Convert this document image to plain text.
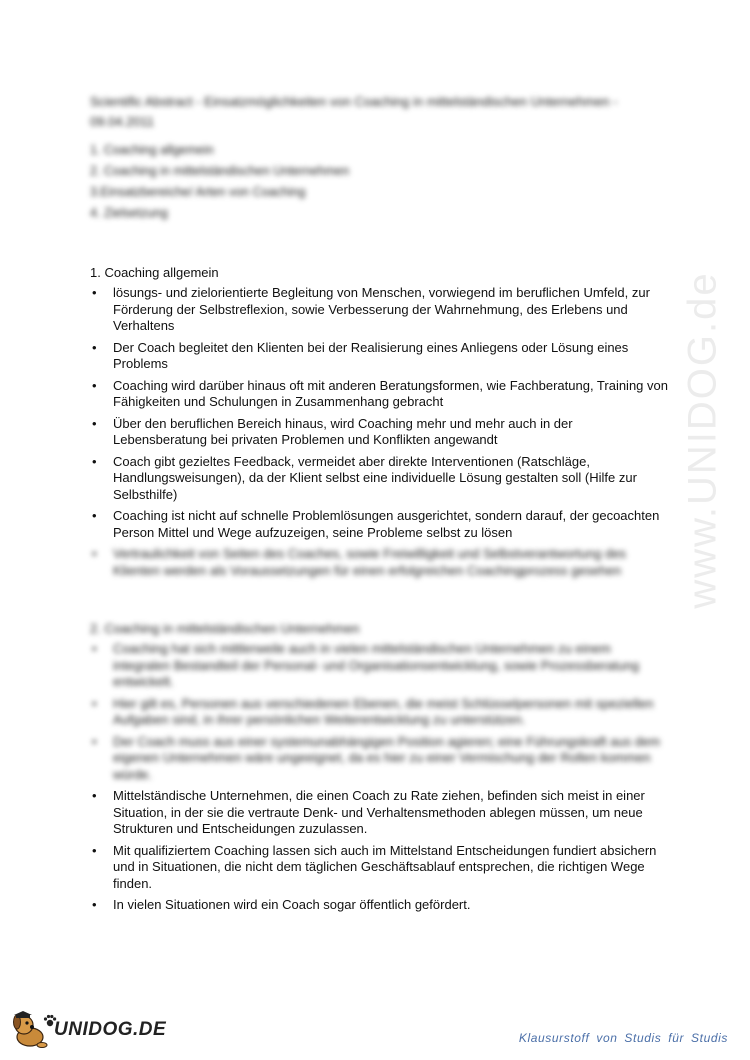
www.UNIDOG.de
Scientific Abstract - Einsatzmöglichkeiten von Coaching in mittelständischen Unternehmen - 09.04.2011
1. Coaching allgemein
2. Coaching in mittelständischen Unternehmen
3.Einsatzbereiche/ Arten von Coaching
4. Zielsetzung
1. Coaching allgemein
• lösungs- und zielorientierte Begleitung von Menschen, vorwiegend im beruflichen Umfeld, zur Förderung der Selbstreflexion, sowie Verbesserung der Wahrnehmung, des Erlebens und Verhaltens
• Der Coach begleitet den Klienten bei der Realisierung eines Anliegens oder Lösung eines Problems
• Coaching wird darüber hinaus oft mit anderen Beratungsformen, wie Fachberatung, Training von Fähigkeiten und Schulungen in Zusammenhang gebracht
• Über den beruflichen Bereich hinaus, wird Coaching mehr und mehr auch in der Lebensberatung bei privaten Problemen und Konflikten angewandt
• Coach gibt gezieltes Feedback, vermeidet aber direkte Interventionen (Ratschläge, Handlungsweisungen), da der Klient selbst eine individuelle Lösung gestalten soll (Hilfe zur Selbsthilfe)
• Coaching ist nicht auf schnelle Problemlösungen ausgerichtet, sondern darauf, der gecoachten Person Mittel und Wege aufzuzeigen, seine Probleme selbst zu lösen
• Vertraulichkeit von Seiten des Coaches, sowie Freiwilligkeit und Selbstverantwortung des Klienten werden als Voraussetzungen für einen erfolgreichen Coachingprozess gesehen
2. Coaching in mittelständischen Unternehmen
• Coaching hat sich mittlerweile auch in vielen mittelständischen Unternehmen zu einem integralen Bestandteil der Personal- und Organisationsentwicklung, sowie Prozessberatung entwickelt.
• Hier gilt es, Personen aus verschiedenen Ebenen, die meist Schlüsselpersonen mit speziellen Aufgaben sind, in ihrer persönlichen Weiterentwicklung zu unterstützen.
• Der Coach muss aus einer systemunabhängigen Position agieren; eine Führungskraft aus dem eigenen Unternehmen wäre ungeeignet, da es hier zu einer Vermischung der Rollen kommen würde.
• Mittelständische Unternehmen, die einen Coach zu Rate ziehen, befinden sich meist in einer Situation, in der sie die vertraute Denk- und Verhaltensmethoden ablegen müssen, um neue Strukturen und Entscheidungen zuzulassen.
• Mit qualifiziertem Coaching lassen sich auch im Mittelstand Entscheidungen fundiert absichern und in Situationen, die nicht dem täglichen Geschäftsablauf entsprechen, die richtigen Wege finden.
• In vielen Situationen wird ein Coach sogar öffentlich gefördert.
UNIDOG.DE	Klausurstoff von Studis für Studis
